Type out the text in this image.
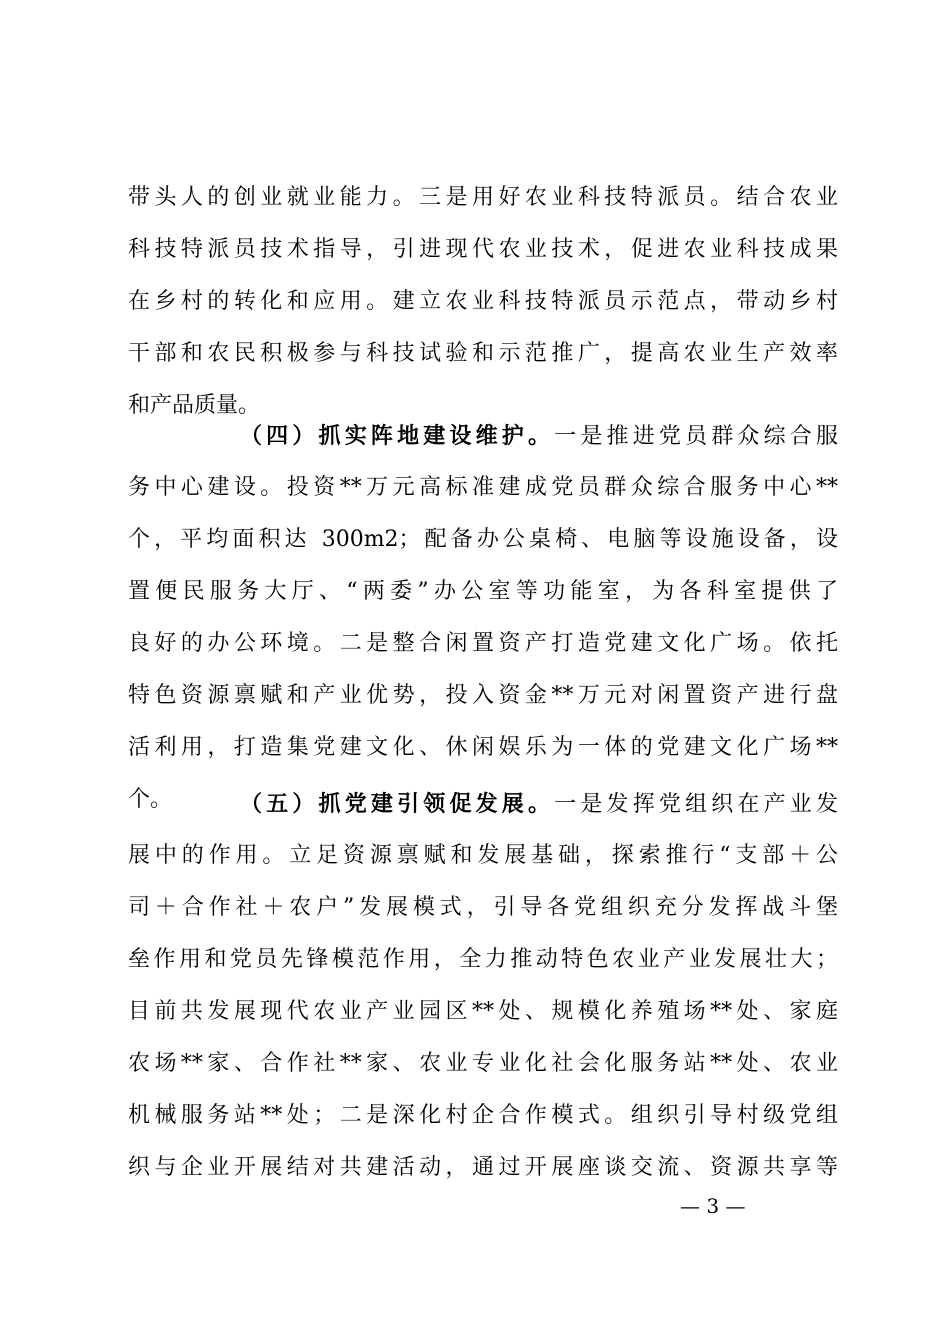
带头人的创业就业能力。三是用好农业科技特派员。结合农业
科技特派员技术指导，引进现代农业技术，促进农业科技成果
在乡村的转化和应用。建立农业科技特派员示范点，带动乡村
干部和农民积极参与科技试验和示范推广，提高农业生产效率
和产品质量。
（四）抓实阵地建设维护。一是推进党员群众综合服
务中心建设。投资**万元高标准建成党员群众综合服务中心**
个，平均面积达 300m2；配备办公桌椅、电脑等设施设备，设
置便民服务大厅、“两委”办公室等功能室，为各科室提供了
良好的办公环境。二是整合闲置资产打造党建文化广场。依托
特色资源禀赋和产业优势，投入资金**万元对闲置资产进行盘
活利用，打造集党建文化、休闲娱乐为一体的党建文化广场**
个。	（五）抓党建引领促发展。一是发挥党组织在产业发
展中的作用。立足资源禀赋和发展基础，探索推行“支部＋公
司＋合作社＋农户”发展模式，引导各党组织充分发挥战斗堡
垒作用和党员先锋模范作用，全力推动特色农业产业发展壮大；
目前共发展现代农业产业园区**处、规模化养殖场**处、家庭
农场**家、合作社**家、农业专业化社会化服务站**处、农业
机械服务站**处；二是深化村企合作模式。组织引导村级党组
织与企业开展结对共建活动，通过开展座谈交流、资源共享等
— 3 —
